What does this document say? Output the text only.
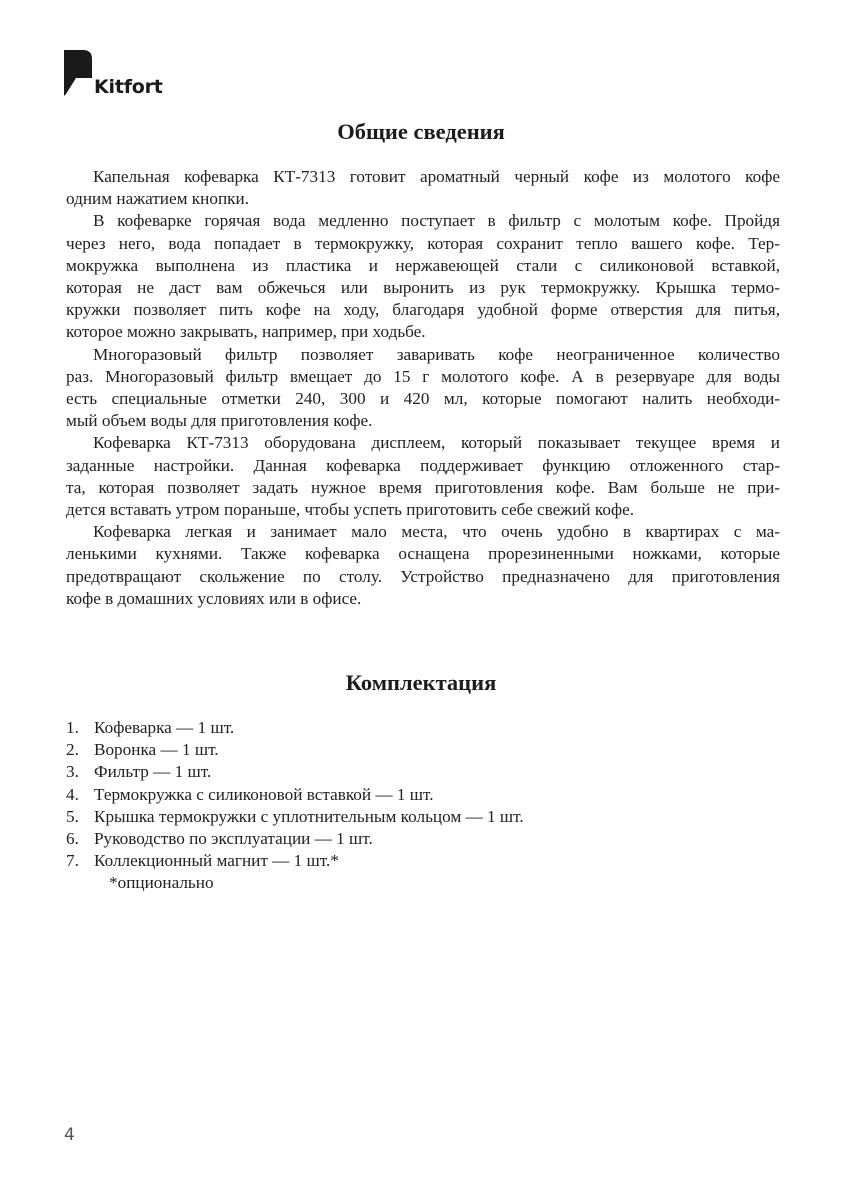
Kitfort
Общие сведения

Капельная кофеварка КТ-7313 готовит ароматный черный кофе из молотого кофе
одним нажатием кнопки.

В кофеварке горячая вода медленно поступает в фильтр с молотым кофе. Пройдя
через него, вода попадает в термокружку, которая сохранит тепло вашего кофе. Тер-
мокружка выполнена из пластика и нержавеющей стали с силиконовой вставкой,
которая не даст вам обжечься или выронить из рук термокружку. Крышка термо-
кружки позволяет пить кофе на ходу, благодаря удобной форме отверстия для питья,
которое можно закрывать, например, при ходьбе.

Многоразовый фильтр позволяет заваривать кофе неограниченное количество
раз. Многоразовый фильтр вмещает до 15 г молотого кофе. А в резервуаре для воды
есть специальные отметки 240, 300 и 420 мл, которые помогают налить необходи-
мый объем воды для приготовления кофе.

Кофеварка КТ-7313 оборудована дисплеем, который показывает текущее время и
заданные настройки. Данная кофеварка поддерживает функцию отложенного стар-
та, которая позволяет задать нужное время приготовления кофе. Вам больше не при-
дется вставать утром пораньше, чтобы успеть приготовить себе свежий кофе.

Кофеварка легкая и занимает мало места, что очень удобно в квартирах с ма-
ленькими кухнями. Также кофеварка оснащена прорезиненными ножками, которые
предотвращают скольжение по столу. Устройство предназначено для приготовления
кофе в домашних условиях или в офисе.

Комплектация
1. Кофеварка — 1 шт.
2. Воронка — 1 шт.
3. Фильтр — 1 шт.
4. Термокружка с силиконовой вставкой — 1 шт.
5. Крышка термокружки с уплотнительным кольцом — 1 шт.
6. Руководство по эксплуатации — 1 шт.
7. Коллекционный магнит — 1 шт.*
*опционально
4
